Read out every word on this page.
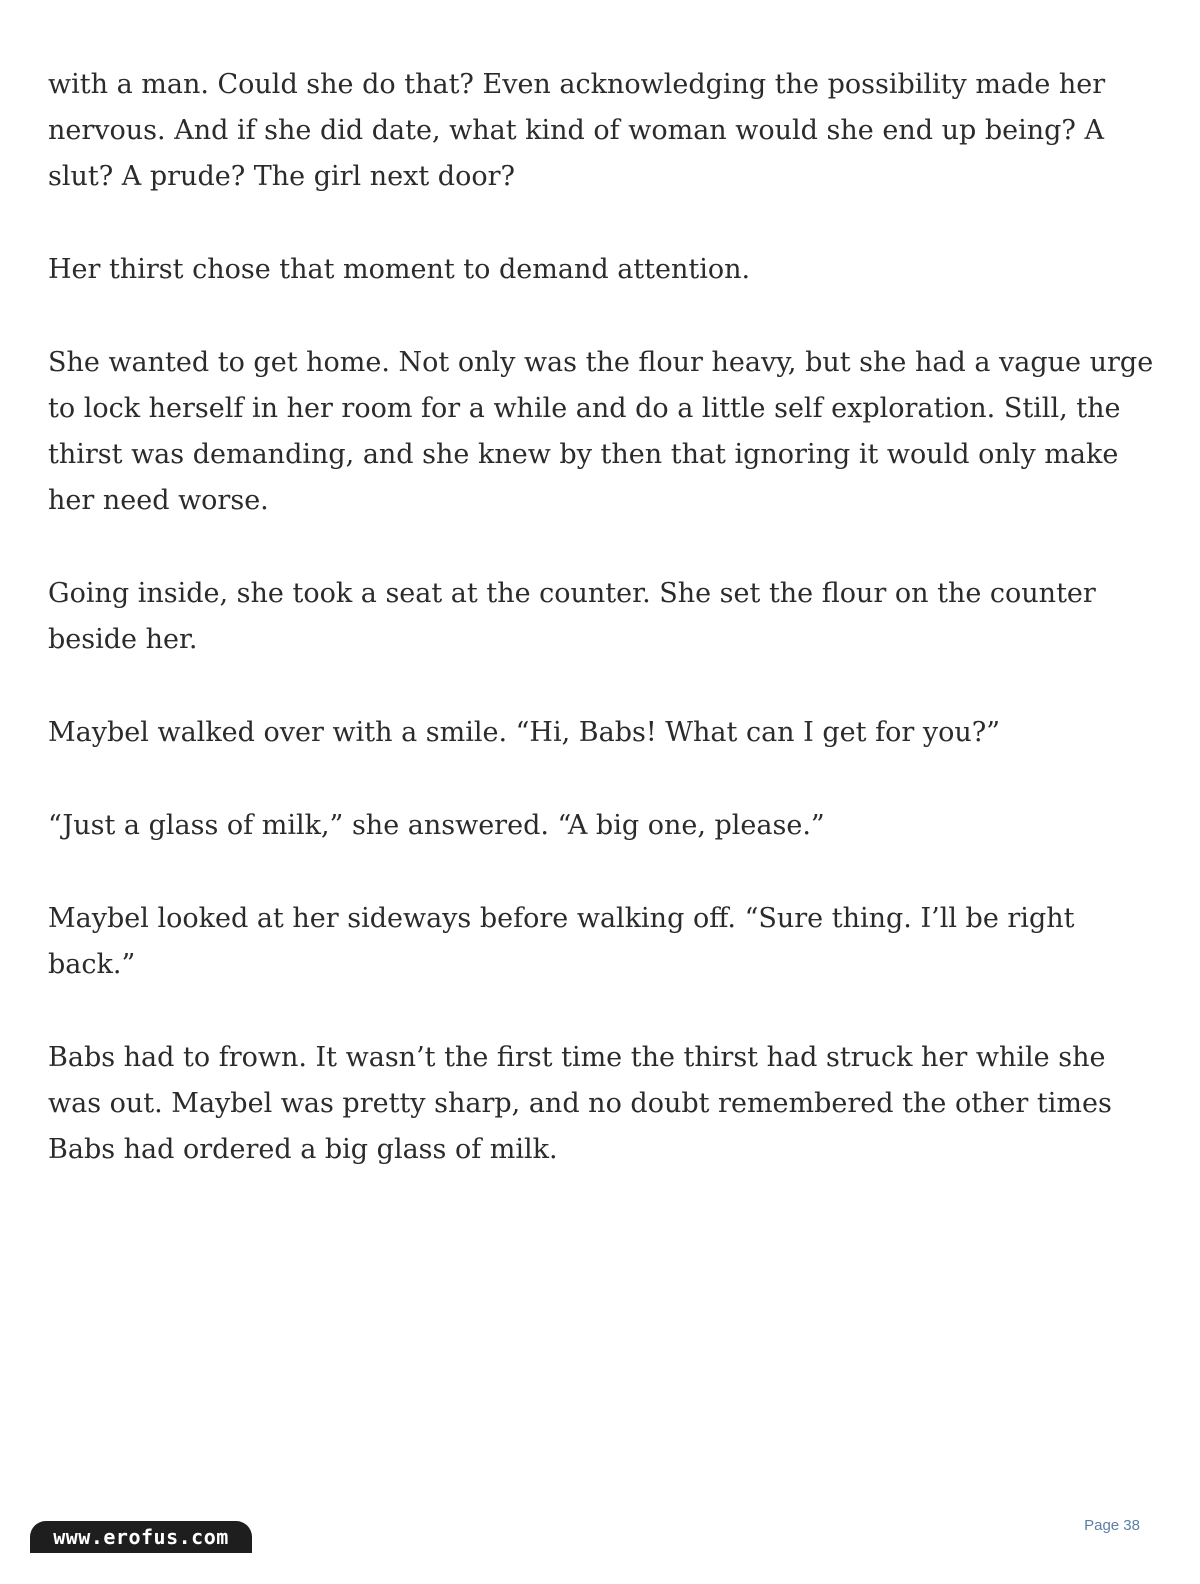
with a man. Could she do that? Even acknowledging the possibility made her nervous. And if she did date, what kind of woman would she end up being? A slut? A prude? The girl next door?

Her thirst chose that moment to demand attention.

She wanted to get home. Not only was the flour heavy, but she had a vague urge to lock herself in her room for a while and do a little self exploration. Still, the thirst was demanding, and she knew by then that ignoring it would only make her need worse.

Going inside, she took a seat at the counter. She set the flour on the counter beside her.

Maybel walked over with a smile. “Hi, Babs! What can I get for you?”

“Just a glass of milk,” she answered. “A big one, please.”

Maybel looked at her sideways before walking off. “Sure thing. I’ll be right back.”

Babs had to frown. It wasn’t the first time the thirst had struck her while she was out. Maybel was pretty sharp, and no doubt remembered the other times Babs had ordered a big glass of milk.

www.erofus.com	Page 38
